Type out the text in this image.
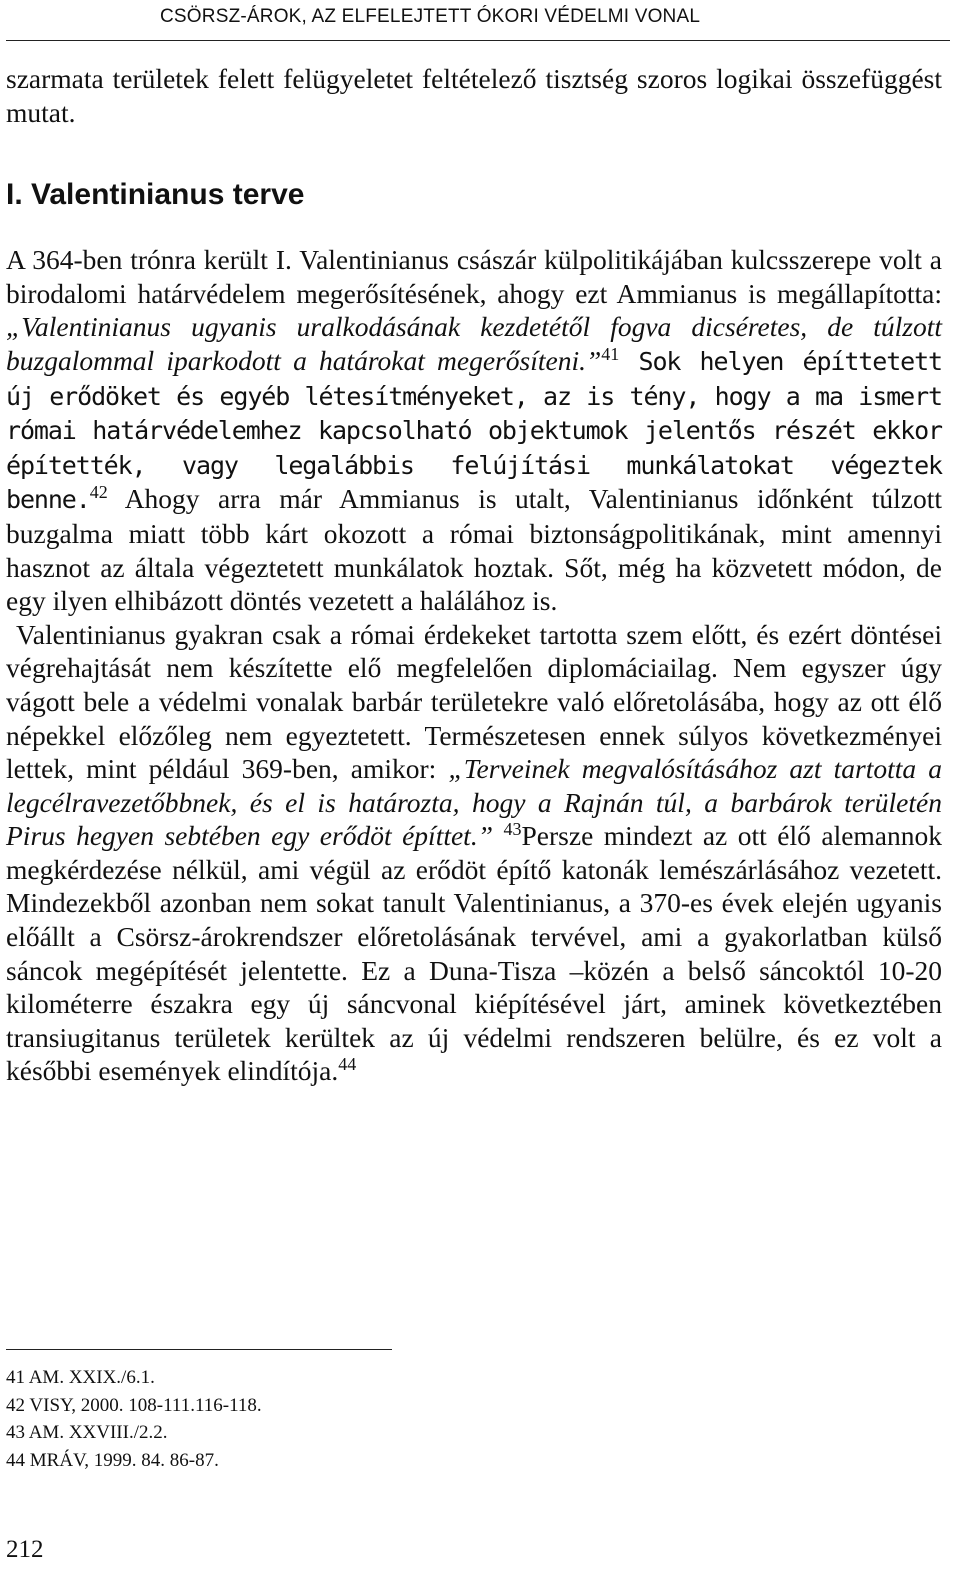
CSÖRSZ-ÁROK, AZ ELFELEJTETT ÓKORI VÉDELMI VONAL

szarmata területek felett felügyeletet feltételező tisztség szoros logikai összefüggést mutat.

I. Valentinianus terve

A 364-ben trónra került I. Valentinianus császár külpolitikájában kulcsszerepe volt a birodalomi határvédelem megerősítésének, ahogy ezt Ammianus is megállapította: „Valentinianus ugyanis uralkodásának kezdetétől fogva dicséretes, de túlzott buzgalommal iparkodott a határokat megerősíteni.”$^{41}$ Sok helyen építtetett új erődöket és egyéb létesítményeket, az is tény, hogy a ma ismert római határvédelemhez kapcsolható objektumok jelentős részét ekkor építették, vagy legalábbis felújítási munkálatokat végeztek benne.$^{42}$ Ahogy arra már Ammianus is utalt, Valentinianus időnként túlzott buzgalma miatt több kárt okozott a római biztonságpolitikának, mint amennyi hasznot az általa végeztetett munkálatok hoztak. Sőt, még ha közvetett módon, de egy ilyen elhibázott döntés vezetett a halálához is.

Valentinianus gyakran csak a római érdekeket tartotta szem előtt, és ezért döntései végrehajtását nem készítette elő megfelelően diplomáciailag. Nem egyszer úgy vágott bele a védelmi vonalak barbár területekre való előretolásába, hogy az ott élő népekkel előzőleg nem egyeztetett. Természetesen ennek súlyos következményei lettek, mint például 369-ben, amikor: „Terveinek megvalósításához azt tartotta a legcélravezetőbbnek, és el is határozta, hogy a Rajnán túl, a barbárok területén Pirus hegyen sebtében egy erődöt építtet.” $^{43}$Persze mindezt az ott élő alemannok megkérdezése nélkül, ami végül az erődöt építő katonák lemészárlásához vezetett. Mindezekből azonban nem sokat tanult Valentinianus, a 370-es évek elején ugyanis előállt a Csörsz-árokrendszer előretolásának tervével, ami a gyakorlatban külső sáncok megépítését jelentette. Ez a Duna-Tisza –közén a belső sáncoktól 10-20 kilométerre északra egy új sáncvonal kiépítésével járt, aminek következtében transiugitanus területek kerültek az új védelmi rendszeren belülre, és ez volt a későbbi események elindítója.$^{44}$

41 AM. XXIX./6.1.
42 VISY, 2000. 108-111.116-118.
43 AM. XXVIII./2.2.
44 MRÁV, 1999. 84. 86-87.
212
